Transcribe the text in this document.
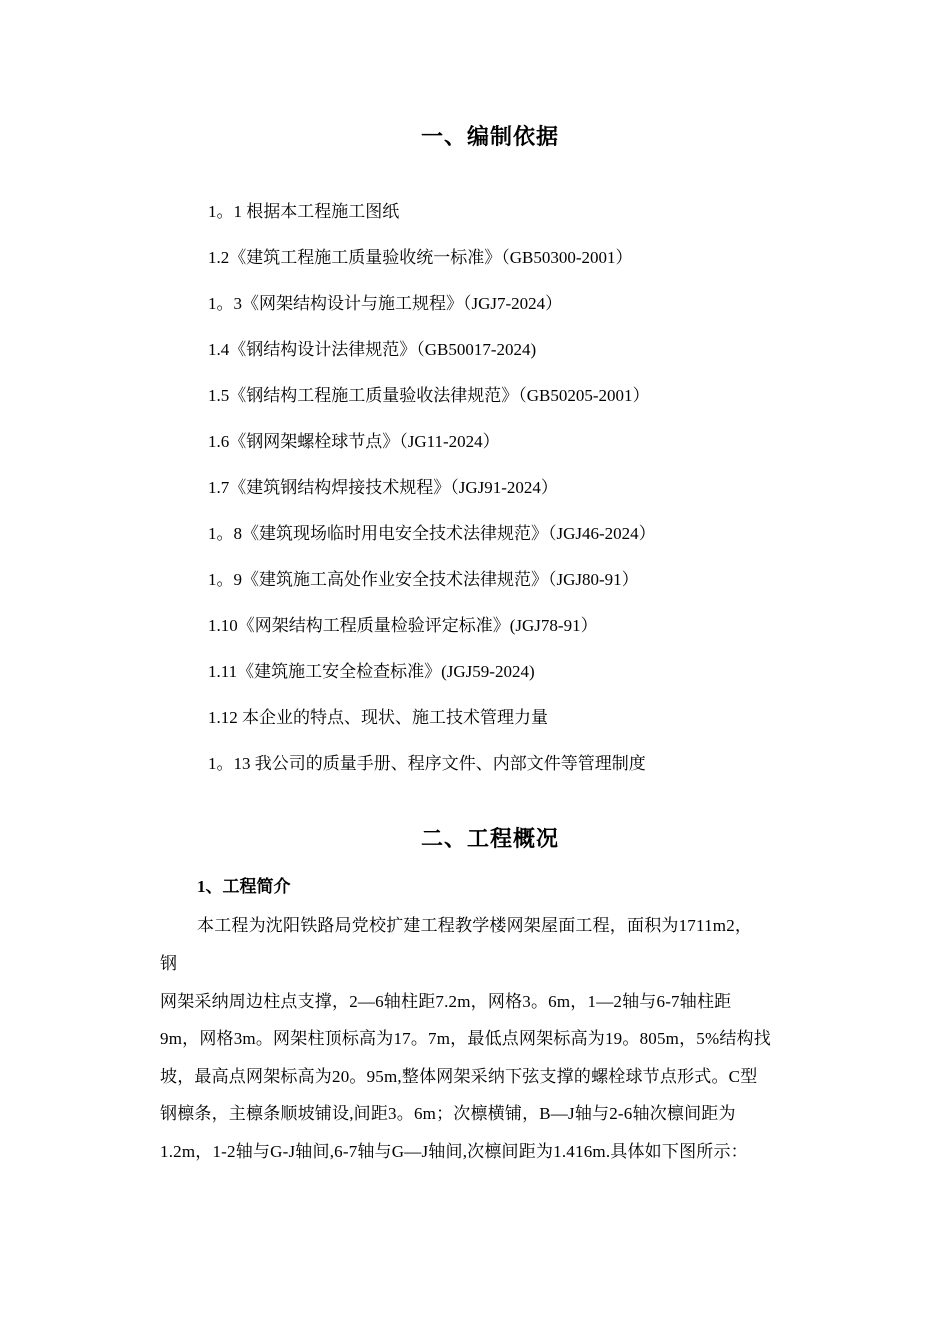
一、编制依据
1。1 根据本工程施工图纸
1.2《建筑工程施工质量验收统一标准》（GB50300-2001）
1。3《网架结构设计与施工规程》（JGJ7-2024）
1.4《钢结构设计法律规范》（GB50017-2024)
1.5《钢结构工程施工质量验收法律规范》（GB50205-2001）
1.6《钢网架螺栓球节点》（JG11-2024）
1.7《建筑钢结构焊接技术规程》（JGJ91-2024）
1。8《建筑现场临时用电安全技术法律规范》（JGJ46-2024）
1。9《建筑施工高处作业安全技术法律规范》（JGJ80-91）
1.10《网架结构工程质量检验评定标准》(JGJ78-91）
1.11《建筑施工安全检查标准》(JGJ59-2024)
1.12 本企业的特点、现状、施工技术管理力量
1。13 我公司的质量手册、程序文件、内部文件等管理制度
二、工程概况
1、工程简介
本工程为沈阳铁路局党校扩建工程教学楼网架屋面工程，面积为1711m2，
钢
网架采纳周边柱点支撑，2—6轴柱距7.2m，网格3。6m，1—2轴与6-7轴柱距
9m，网格3m。网架柱顶标高为17。7m，最低点网架标高为19。805m，5%结构找
坡，最高点网架标高为20。95m,整体网架采纳下弦支撑的螺栓球节点形式。C型
钢檩条，主檩条顺坡铺设,间距3。6m；次檩横铺，B—J轴与2-6轴次檩间距为
1.2m，1-2轴与G-J轴间,6-7轴与G—J轴间,次檩间距为1.416m.具体如下图所示：
